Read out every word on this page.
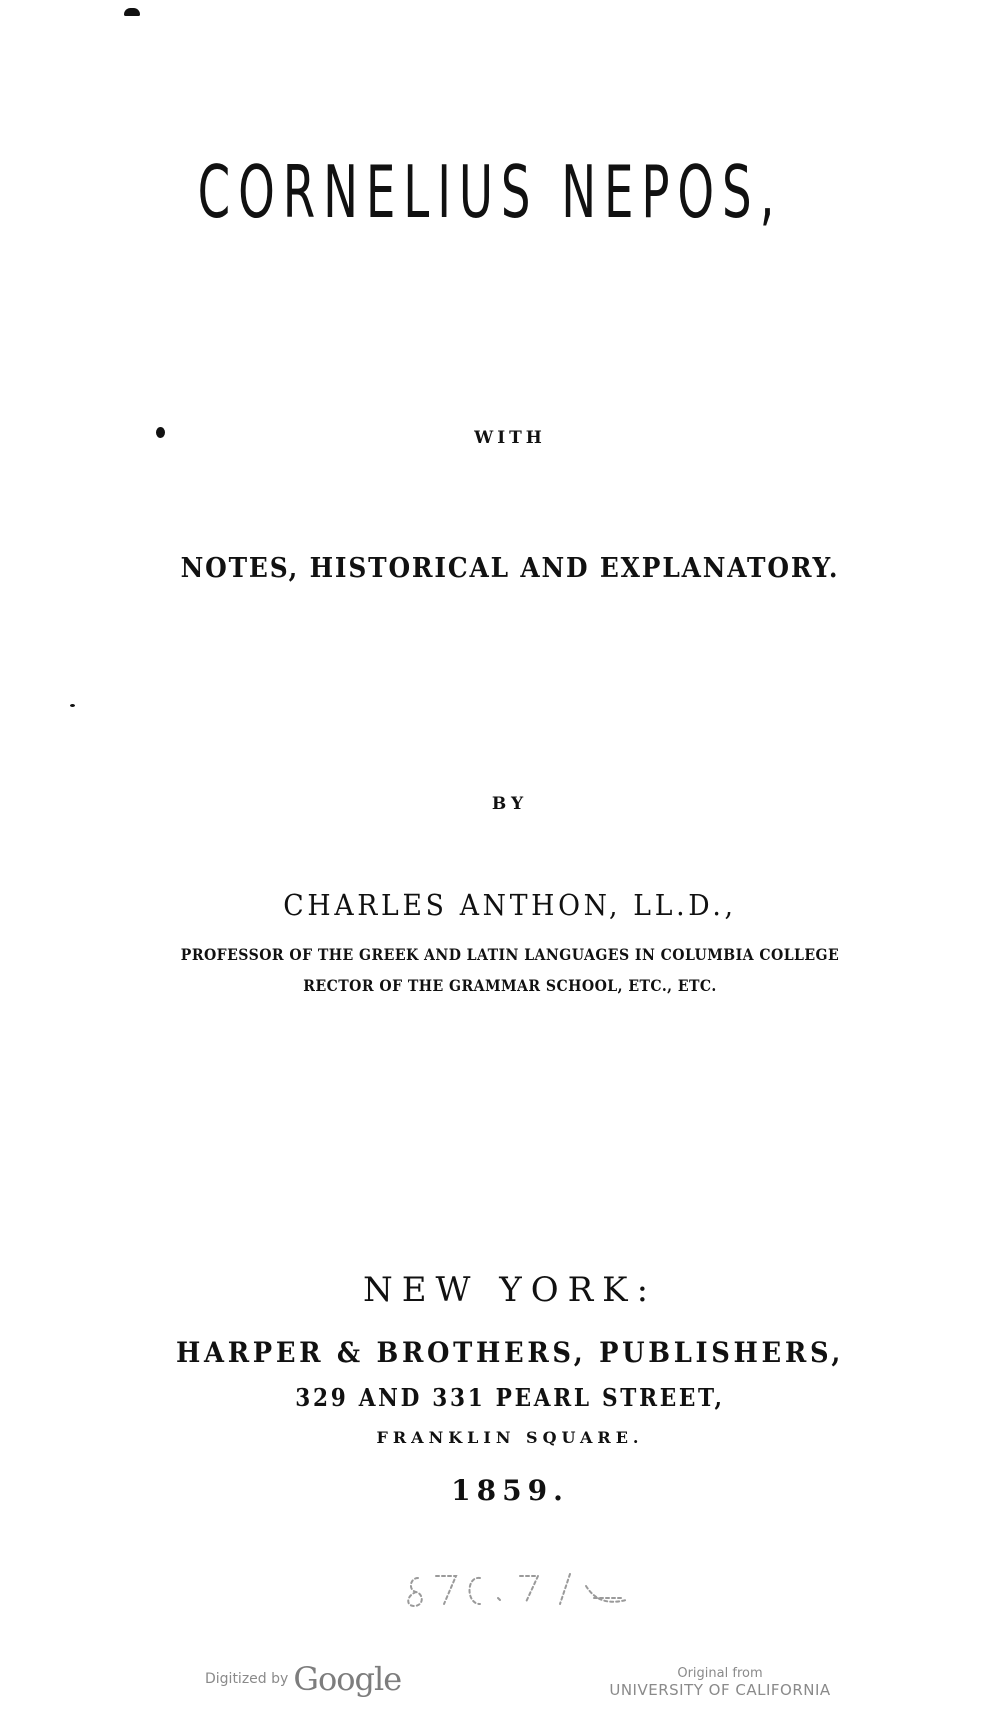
CORNELIUS NEPOS,
WITH
NOTES, HISTORICAL AND EXPLANATORY.
BY
CHARLES ANTHON, LL.D.,
PROFESSOR OF THE GREEK AND LATIN LANGUAGES IN COLUMBIA COLLEGE
RECTOR OF THE GRAMMAR SCHOOL, ETC., ETC.
NEW YORK:
HARPER & BROTHERS, PUBLISHERS,
329 AND 331 PEARL STREET,
FRANKLIN SQUARE.
1859.
Digitized by Google	Original from
UNIVERSITY OF CALIFORNIA
